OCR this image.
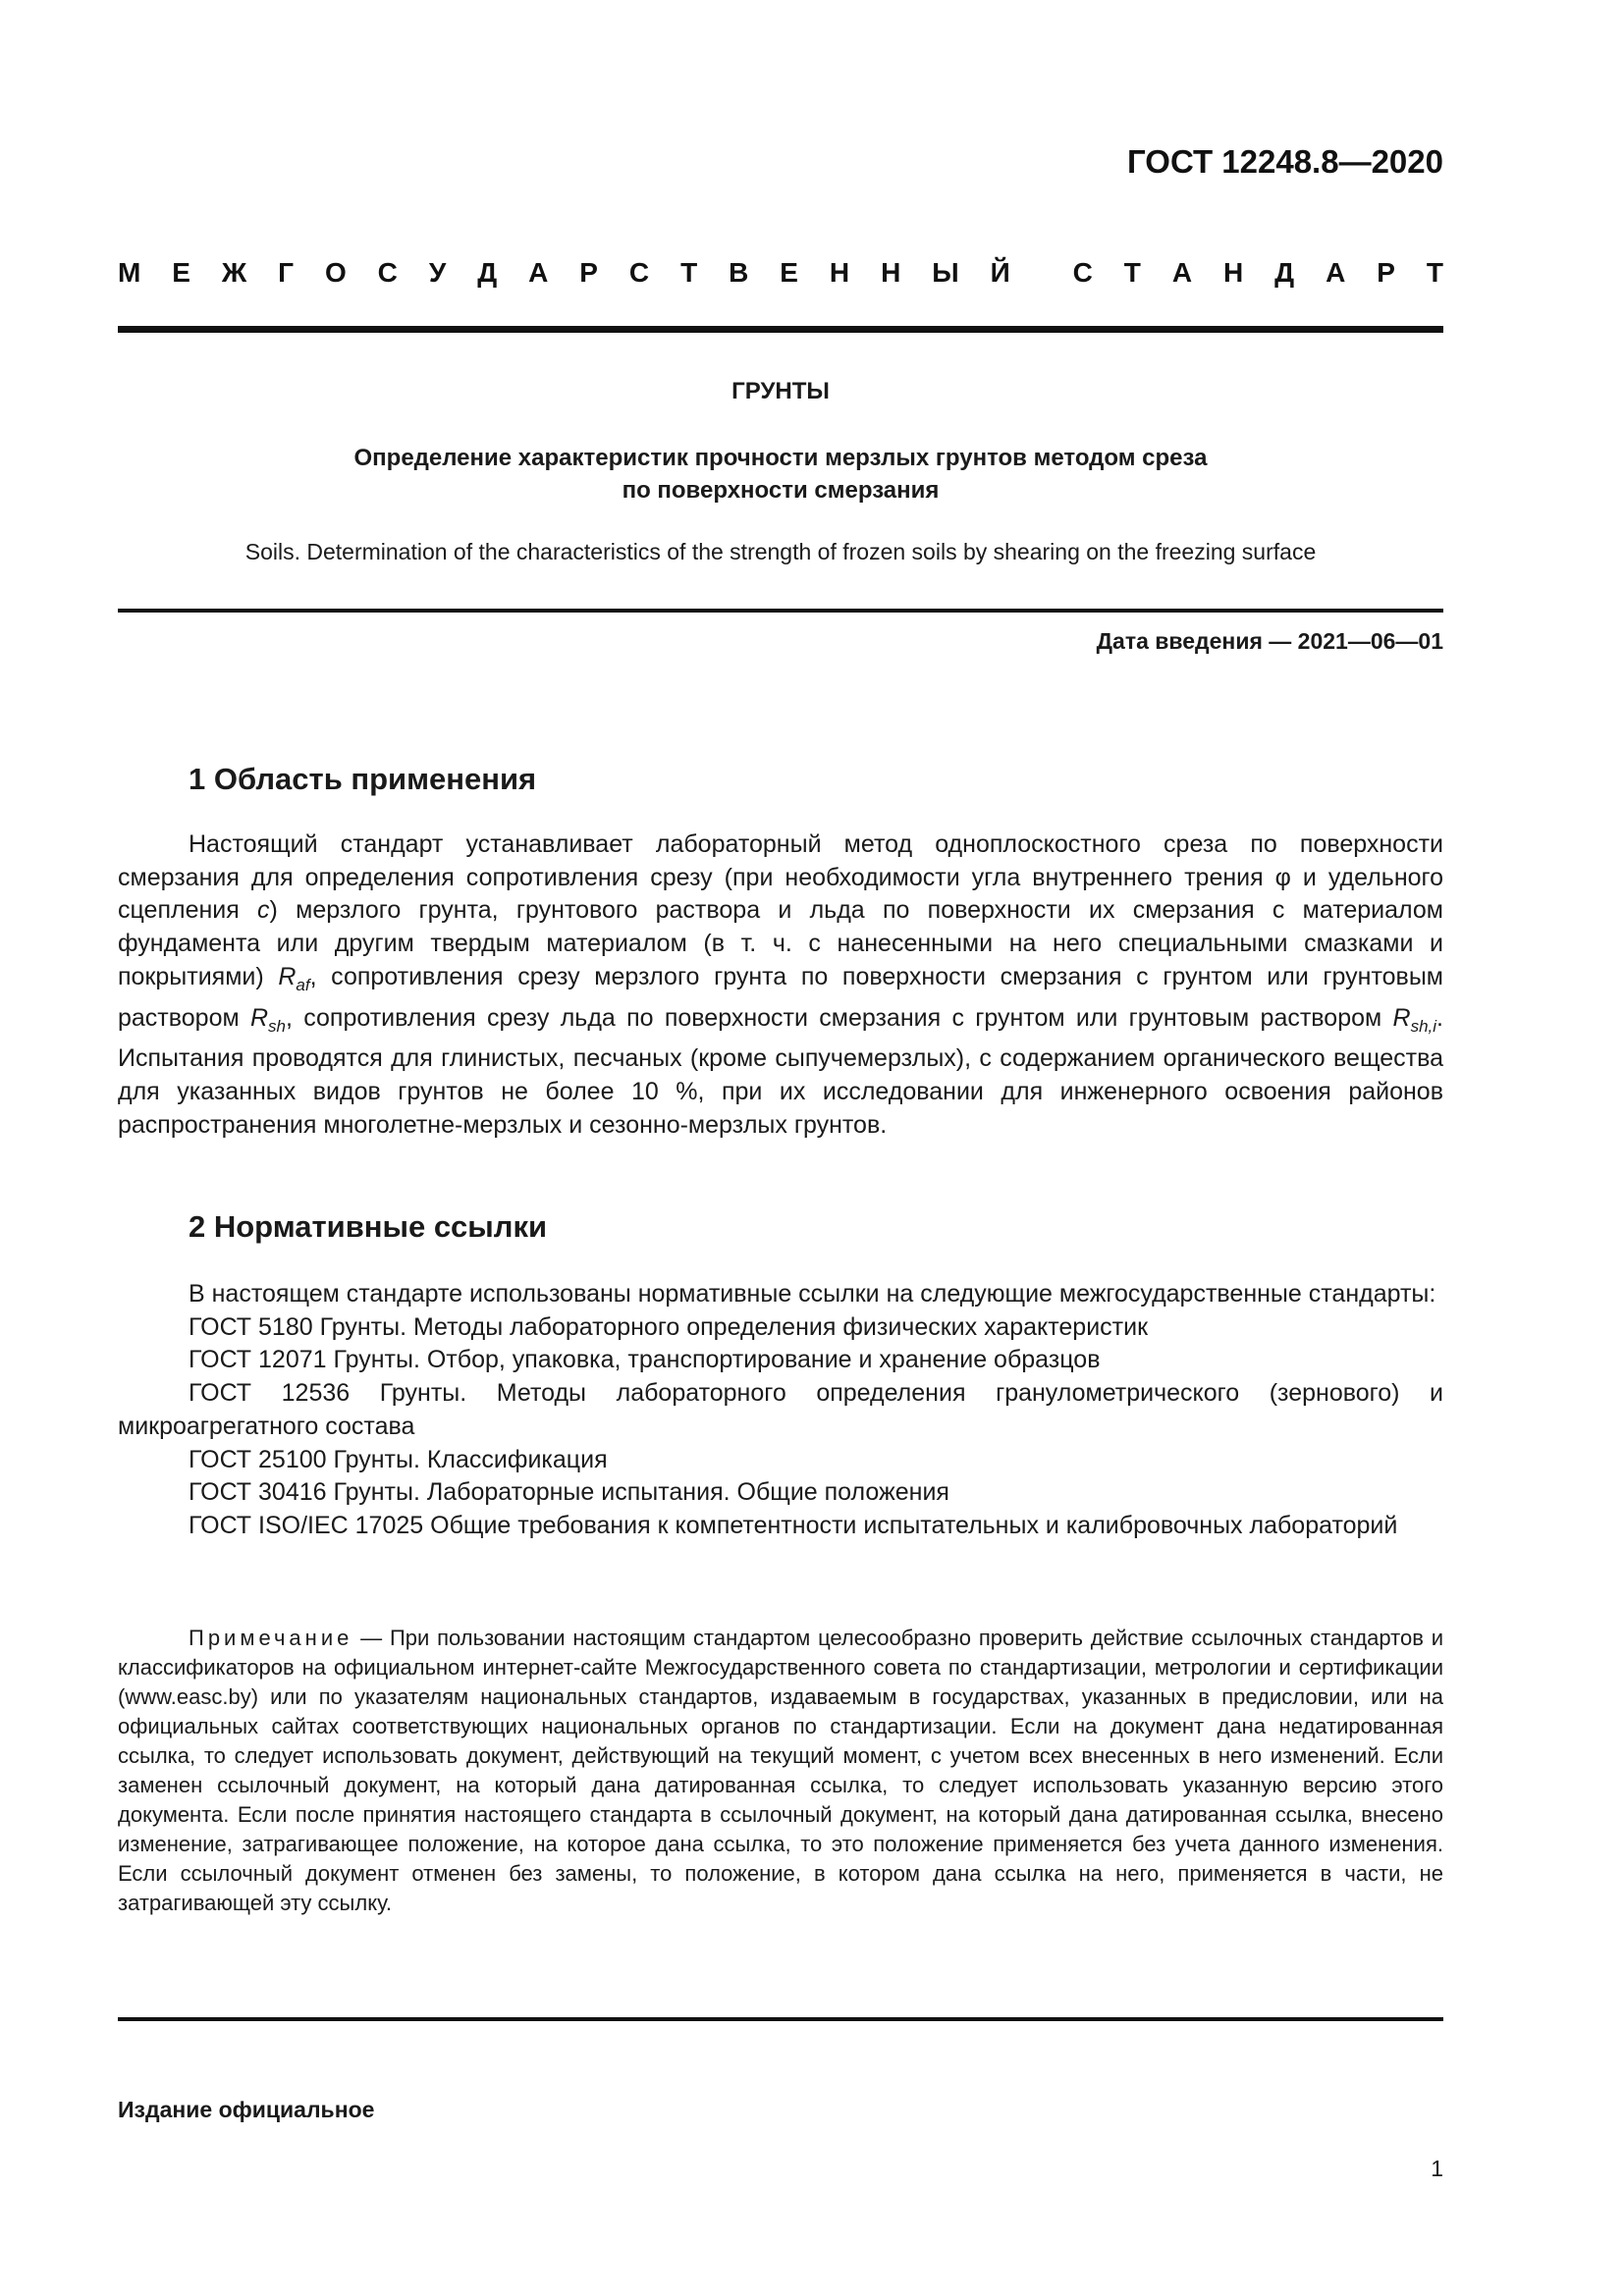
ГОСТ 12248.8—2020
М Е Ж Г О С У Д А Р С Т В Е Н Н Ы Й С Т А Н Д А Р Т
ГРУНТЫ
Определение характеристик прочности мерзлых грунтов методом среза
по поверхности смерзания
Soils. Determination of the characteristics of the strength of frozen soils by shearing on the freezing surface
Дата введения — 2021—06—01
1 Область применения

Настоящий стандарт устанавливает лабораторный метод одноплоскостного среза по поверхности смерзания для определения сопротивления срезу (при необходимости угла внутреннего трения φ и удельного сцепления c) мерзлого грунта, грунтового раствора и льда по поверхности их смерзания с материалом фундамента или другим твердым материалом (в т. ч. с нанесенными на него специальными смазками и покрытиями) $R_{af}$, сопротивления срезу мерзлого грунта по поверхности смерзания с грунтом или грунтовым раствором $R_{sh}$, сопротивления срезу льда по поверхности смерзания с грунтом или грунтовым раствором $R_{sh,i}$. Испытания проводятся для глинистых, песчаных (кроме сыпучемерзлых), с содержанием органического вещества для указанных видов грунтов не более 10 %, при их исследовании для инженерного освоения районов распространения многолетне-мерзлых и сезонно-мерзлых грунтов.

2 Нормативные ссылки

В настоящем стандарте использованы нормативные ссылки на следующие межгосударственные стандарты:

ГОСТ 5180 Грунты. Методы лабораторного определения физических характеристик

ГОСТ 12071 Грунты. Отбор, упаковка, транспортирование и хранение образцов

ГОСТ 12536 Грунты. Методы лабораторного определения гранулометрического (зернового) и микроагрегатного состава

ГОСТ 25100 Грунты. Классификация

ГОСТ 30416 Грунты. Лабораторные испытания. Общие положения

ГОСТ ISO/IEC 17025 Общие требования к компетентности испытательных и калибровочных лабораторий

Примечание — При пользовании настоящим стандартом целесообразно проверить действие ссылочных стандартов и классификаторов на официальном интернет-сайте Межгосударственного совета по стандартизации, метрологии и сертификации (www.easc.by) или по указателям национальных стандартов, издаваемым в государствах, указанных в предисловии, или на официальных сайтах соответствующих национальных органов по стандартизации. Если на документ дана недатированная ссылка, то следует использовать документ, действующий на текущий момент, с учетом всех внесенных в него изменений. Если заменен ссылочный документ, на который дана датированная ссылка, то следует использовать указанную версию этого документа. Если после принятия настоящего стандарта в ссылочный документ, на который дана датированная ссылка, внесено изменение, затрагивающее положение, на которое дана ссылка, то это положение применяется без учета данного изменения. Если ссылочный документ отменен без замены, то положение, в котором дана ссылка на него, применяется в части, не затрагивающей эту ссылку.
Издание официальное
1
